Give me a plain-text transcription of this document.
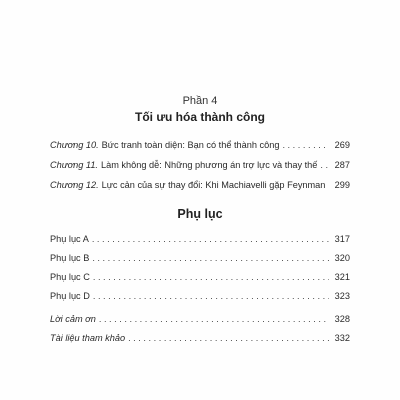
Phần 4
Tối ưu hóa thành công
Chương 10. Bức tranh toàn diện: Bạn có thể thành công . . .	269
Chương 11. Làm không dễ: Những phương án trợ lực và thay thế . . . 287
Chương 12. Lực cản của sự thay đổi: Khi Machiavelli gặp Feynman . . . 299
Phụ lục
Phụ lục A . . .	317
Phụ lục B . . .	320
Phụ lục C . . .	321
Phụ lục D . . .	323
Lời cảm ơn . . .	328
Tài liệu tham khảo . . .	332
